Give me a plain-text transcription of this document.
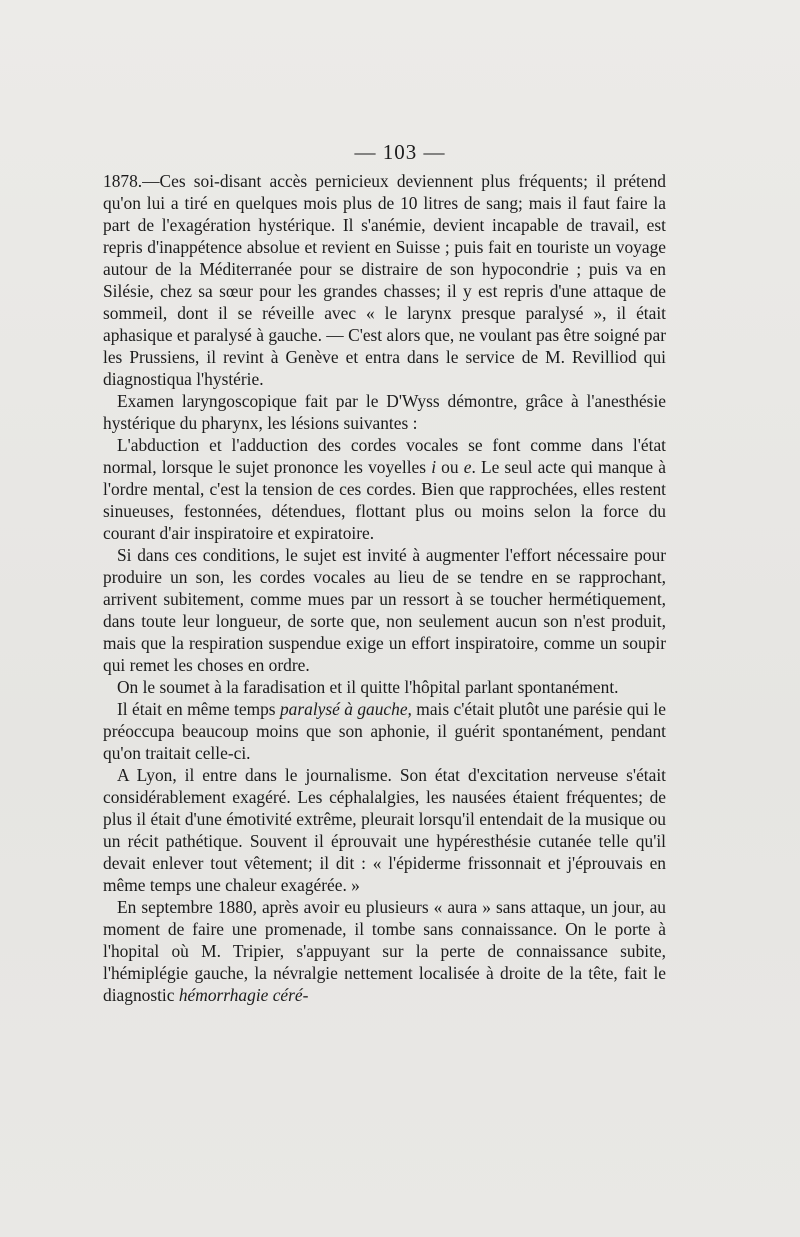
— 103 —

1878.—Ces soi-disant accès pernicieux deviennent plus fréquents; il prétend qu'on lui a tiré en quelques mois plus de 10 litres de sang; mais il faut faire la part de l'exagération hystérique. Il s'anémie, devient incapable de travail, est repris d'inappétence absolue et revient en Suisse ; puis fait en touriste un voyage autour de la Méditerranée pour se distraire de son hypocondrie ; puis va en Silésie, chez sa sœur pour les grandes chasses; il y est repris d'une attaque de sommeil, dont il se réveille avec « le larynx presque paralysé », il était aphasique et paralysé à gauche. — C'est alors que, ne voulant pas être soigné par les Prussiens, il revint à Genève et entra dans le service de M. Revilliod qui diagnostiqua l'hystérie.

Examen laryngoscopique fait par le D'Wyss démontre, grâce à l'anesthésie hystérique du pharynx, les lésions suivantes :

L'abduction et l'adduction des cordes vocales se font comme dans l'état normal, lorsque le sujet prononce les voyelles i ou e. Le seul acte qui manque à l'ordre mental, c'est la tension de ces cordes. Bien que rapprochées, elles restent sinueuses, festonnées, détendues, flottant plus ou moins selon la force du courant d'air inspiratoire et expiratoire.

Si dans ces conditions, le sujet est invité à augmenter l'effort nécessaire pour produire un son, les cordes vocales au lieu de se tendre en se rapprochant, arrivent subitement, comme mues par un ressort à se toucher hermétiquement, dans toute leur longueur, de sorte que, non seulement aucun son n'est produit, mais que la respiration suspendue exige un effort inspiratoire, comme un soupir qui remet les choses en ordre.

On le soumet à la faradisation et il quitte l'hôpital parlant spontanément.

Il était en même temps paralysé à gauche, mais c'était plutôt une parésie qui le préoccupa beaucoup moins que son aphonie, il guérit spontanément, pendant qu'on traitait celle-ci.

A Lyon, il entre dans le journalisme. Son état d'excitation nerveuse s'était considérablement exagéré. Les céphalalgies, les nausées étaient fréquentes; de plus il était d'une émotivité extrême, pleurait lorsqu'il entendait de la musique ou un récit pathétique. Souvent il éprouvait une hypéresthésie cutanée telle qu'il devait enlever tout vêtement; il dit : « l'épiderme frissonnait et j'éprouvais en même temps une chaleur exagérée. »

En septembre 1880, après avoir eu plusieurs « aura » sans attaque, un jour, au moment de faire une promenade, il tombe sans connaissance. On le porte à l'hopital où M. Tripier, s'appuyant sur la perte de connaissance subite, l'hémiplégie gauche, la névralgie nettement localisée à droite de la tête, fait le diagnostic hémorrhagie céré-
